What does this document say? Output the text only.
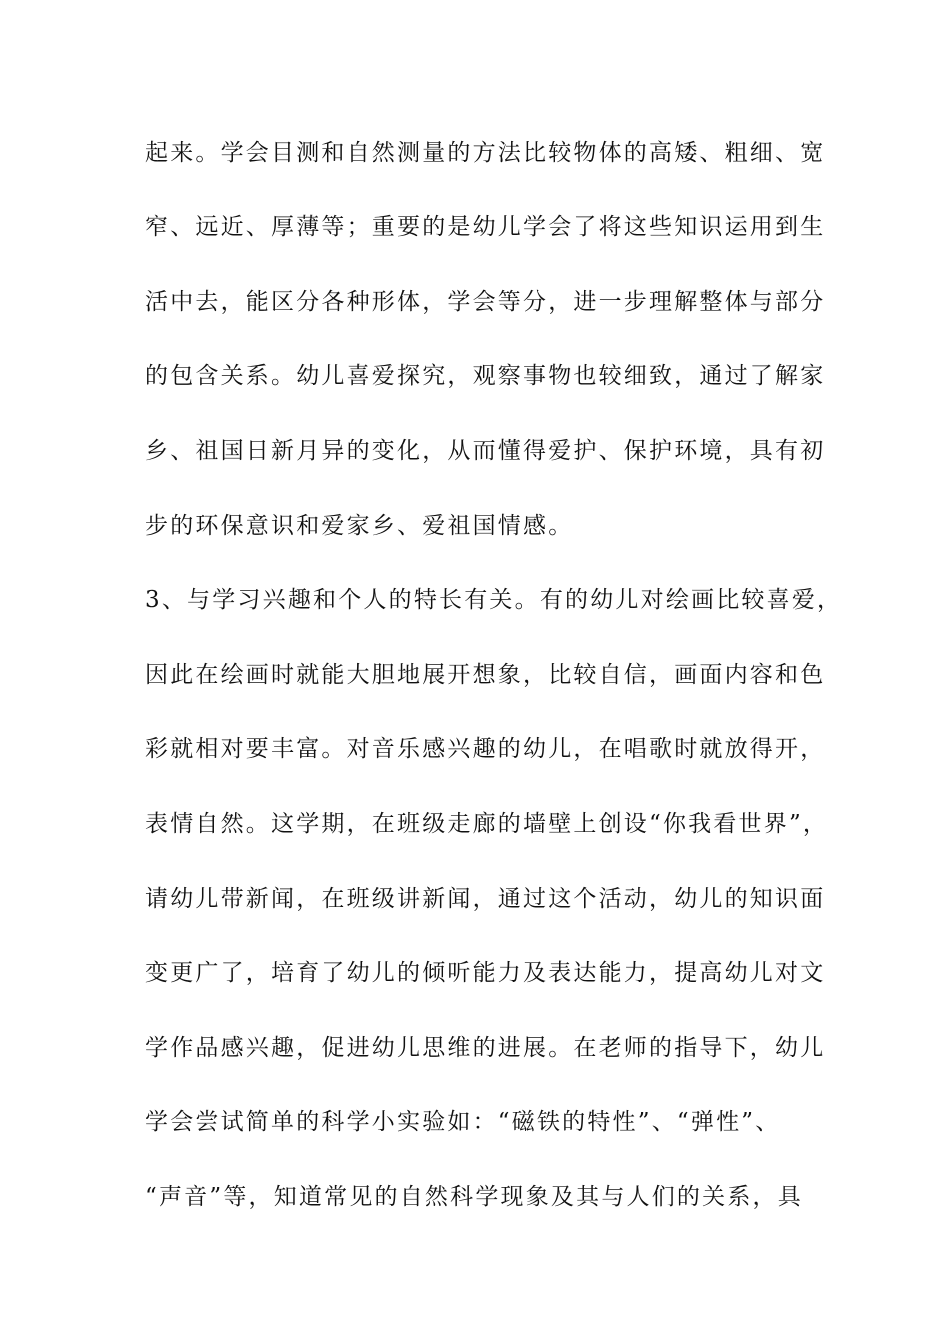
起来。学会目测和自然测量的方法比较物体的高矮、粗细、宽
窄、远近、厚薄等；重要的是幼儿学会了将这些知识运用到生
活中去，能区分各种形体，学会等分，进一步理解整体与部分
的包含关系。幼儿喜爱探究，观察事物也较细致，通过了解家
乡、祖国日新月异的变化，从而懂得爱护、保护环境，具有初
步的环保意识和爱家乡、爱祖国情感。
3、与学习兴趣和个人的特长有关。有的幼儿对绘画比较喜爱，
因此在绘画时就能大胆地展开想象，比较自信，画面内容和色
彩就相对要丰富。对音乐感兴趣的幼儿，在唱歌时就放得开，
表情自然。这学期，在班级走廊的墙壁上创设“你我看世界”，
请幼儿带新闻，在班级讲新闻，通过这个活动，幼儿的知识面
变更广了，培育了幼儿的倾听能力及表达能力，提高幼儿对文
学作品感兴趣，促进幼儿思维的进展。在老师的指导下，幼儿
学会尝试简单的科学小实验如：“磁铁的特性”、“弹性”、
“声音”等，知道常见的自然科学现象及其与人们的关系，具
